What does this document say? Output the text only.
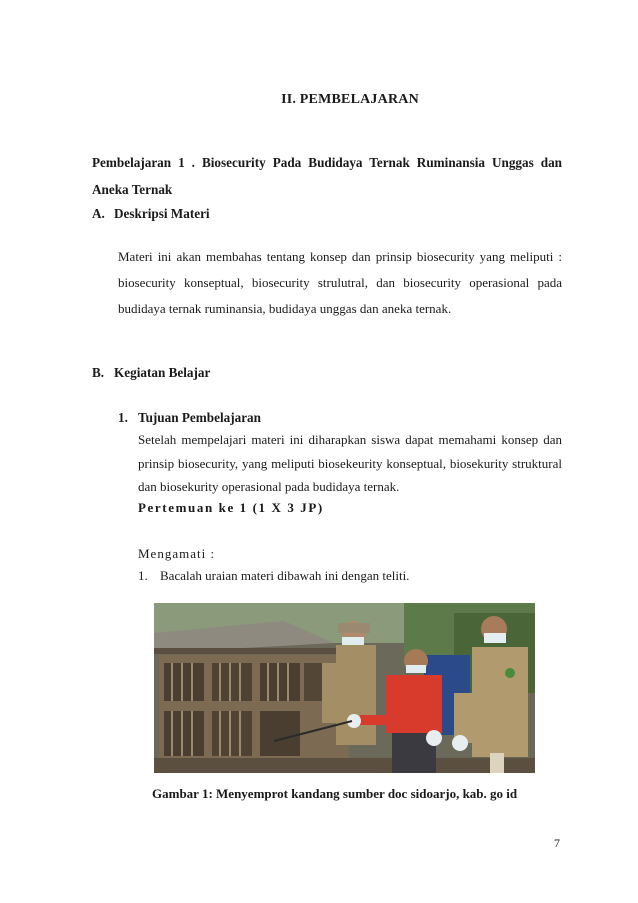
II. PEMBELAJARAN
Pembelajaran 1 . Biosecurity Pada Budidaya Ternak Ruminansia Unggas dan Aneka Ternak
A. Deskripsi Materi
Materi ini akan membahas tentang konsep dan prinsip biosecurity yang meliputi : biosecurity konseptual, biosecurity strulutral, dan biosecurity operasional pada budidaya ternak ruminansia, budidaya unggas dan aneka ternak.
B. Kegiatan Belajar
1. Tujuan Pembelajaran
Setelah mempelajari materi ini diharapkan siswa dapat memahami konsep dan prinsip biosecurity, yang meliputi biosekeurity konseptual, biosekurity struktural dan biosekurity operasional pada budidaya ternak.
Pertemuan ke 1 (1 X 3 JP)
Mengamati :
1. Bacalah uraian materi dibawah ini dengan teliti.
Gambar 1: Menyemprot kandang sumber doc sidoarjo, kab. go id
7
